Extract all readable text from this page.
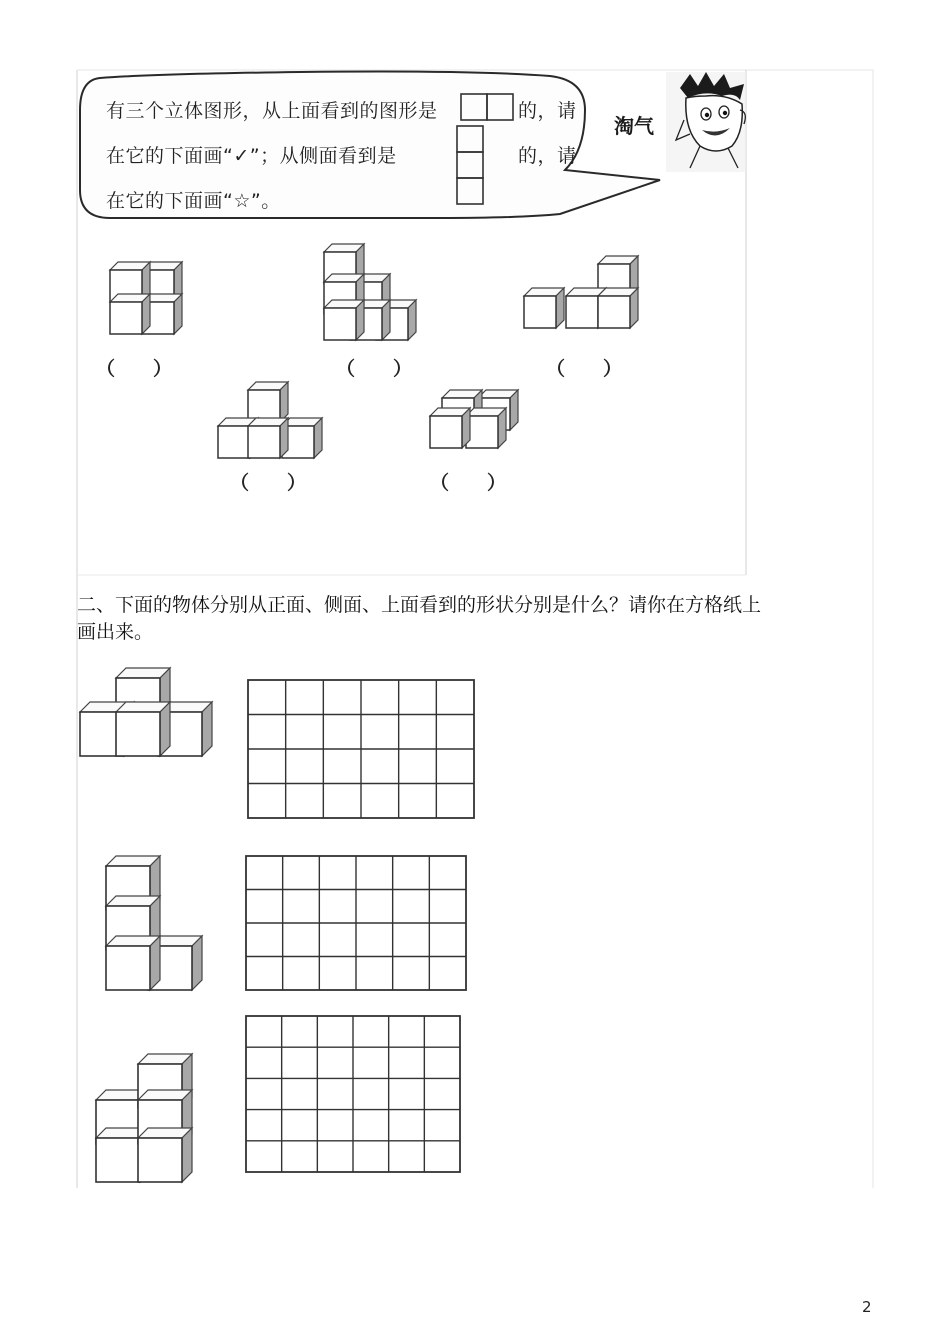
有三个立体图形，从上面看到的图形是	的，请
在它的下面画“✓”；从侧面看到是	的，请
在它的下面画“☆”。
淘气
（　　）	（　　）	（　　）
（　　）	（　　）
二、下面的物体分别从正面、侧面、上面看到的形状分别是什么？请你在方格纸上
画出来。
2
